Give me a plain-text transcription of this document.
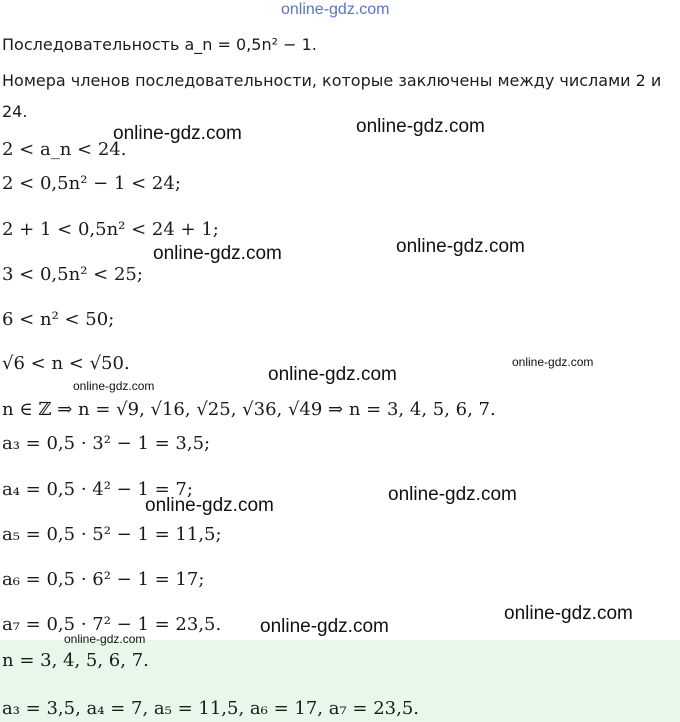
online-gdz.com
Последовательность a_n = 0,5n² − 1.
Номера членов последовательности, которые заключены между числами 2 и
24.
2 < a_n < 24.
2 < 0,5n² − 1 < 24;
2 + 1 < 0,5n² < 24 + 1;
3 < 0,5n² < 25;
6 < n² < 50;
√6 < n < √50.
n ∈ ℤ ⇒ n = √9, √16, √25, √36, √49 ⇒ n = 3, 4, 5, 6, 7.
a₃ = 0,5 · 3² − 1 = 3,5;
a₄ = 0,5 · 4² − 1 = 7;
a₅ = 0,5 · 5² − 1 = 11,5;
a₆ = 0,5 · 6² − 1 = 17;
a₇ = 0,5 · 7² − 1 = 23,5.
n = 3, 4, 5, 6, 7.
a₃ = 3,5, a₄ = 7, a₅ = 11,5, a₆ = 17, a₇ = 23,5.
online-gdz.com	online-gdz.com
online-gdz.com	online-gdz.com
online-gdz.com
online-gdz.com
online-gdz.com
online-gdz.com
online-gdz.com
online-gdz.com
online-gdz.com
online-gdz.com
